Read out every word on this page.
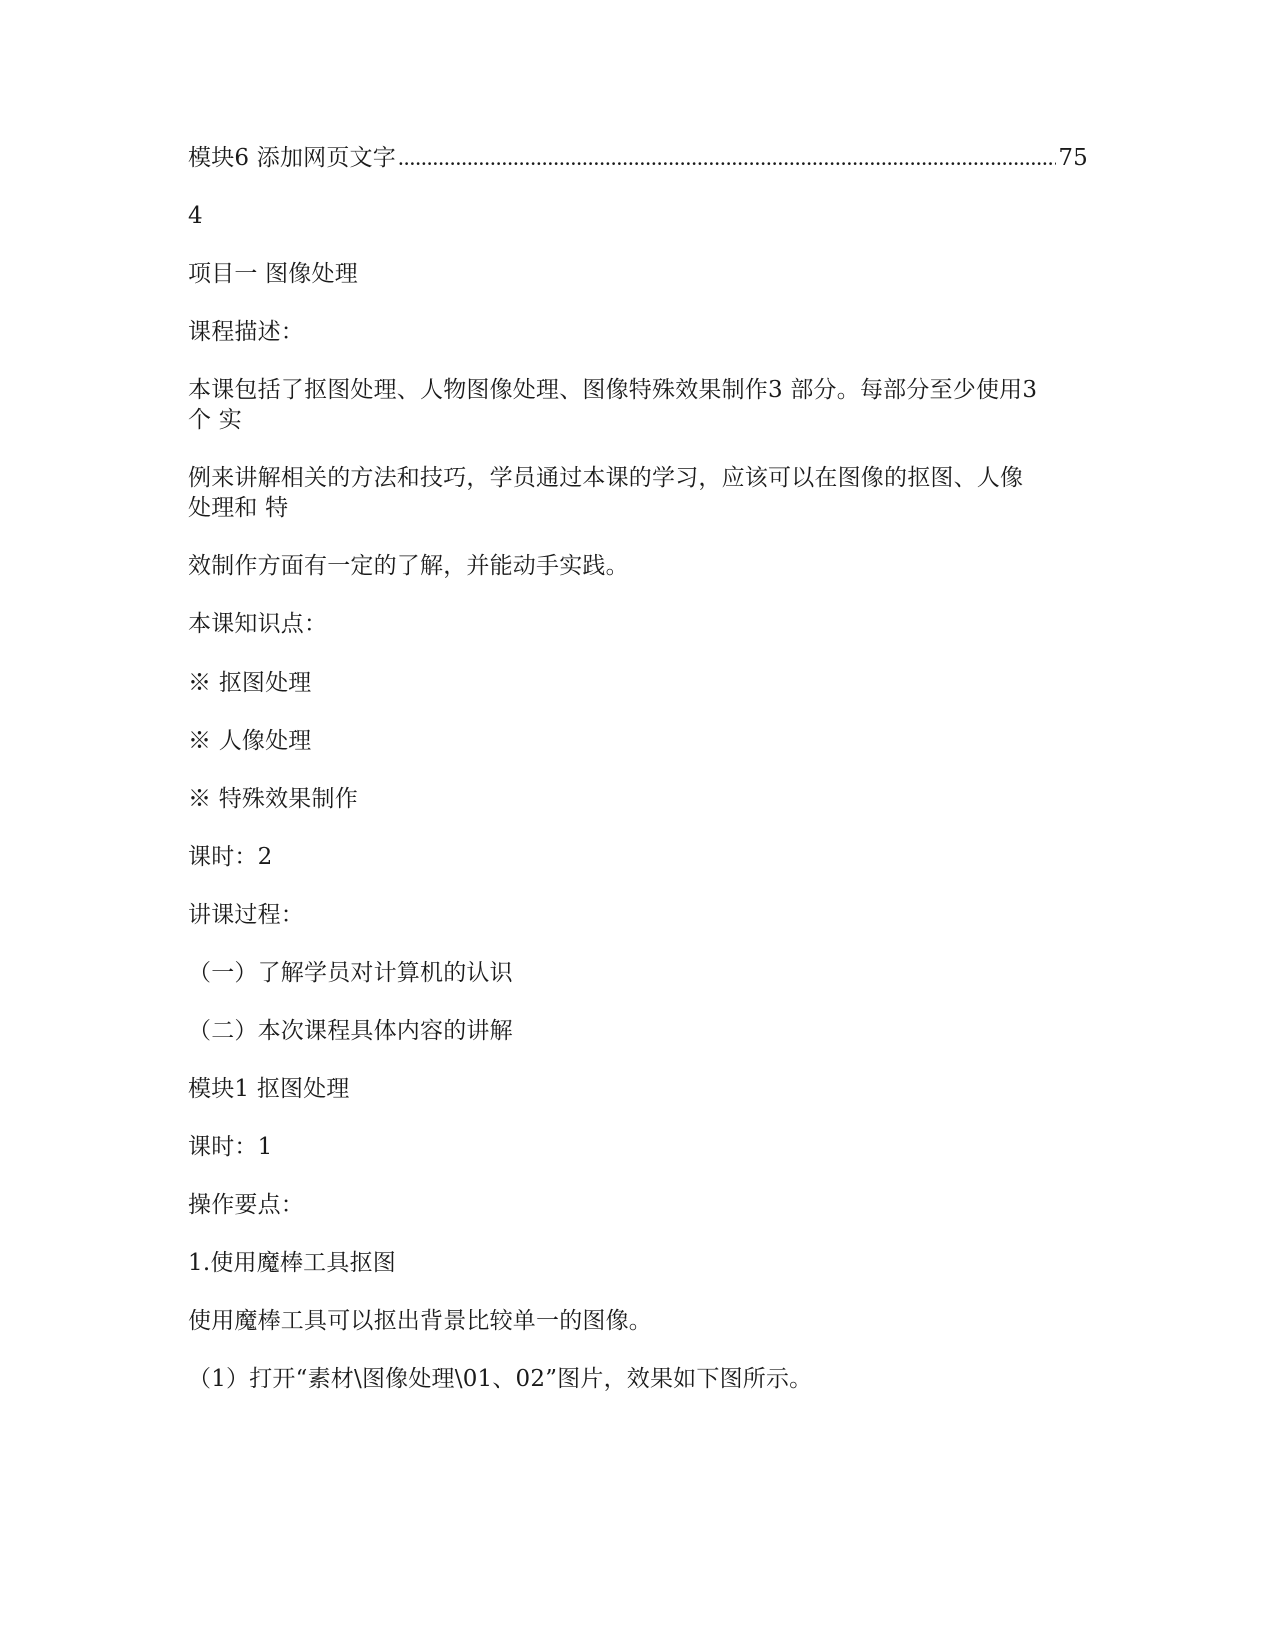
模块6 添加网页文字
.....	75
4
项目一 图像处理
课程描述：
本课包括了抠图处理、人物图像处理、图像特殊效果制作3 部分。每部分至少使用3
个 实
例来讲解相关的方法和技巧，学员通过本课的学习，应该可以在图像的抠图、人像
处理和 特
效制作方面有一定的了解，并能动手实践。
本课知识点：
※ 抠图处理
※ 人像处理
※ 特殊效果制作
课时：2
讲课过程：
（一）了解学员对计算机的认识
（二）本次课程具体内容的讲解
模块1 抠图处理
课时：1
操作要点：
1.使用魔棒工具抠图
使用魔棒工具可以抠出背景比较单一的图像。
（1）打开“素材\图像处理\01、02”图片，效果如下图所示。
